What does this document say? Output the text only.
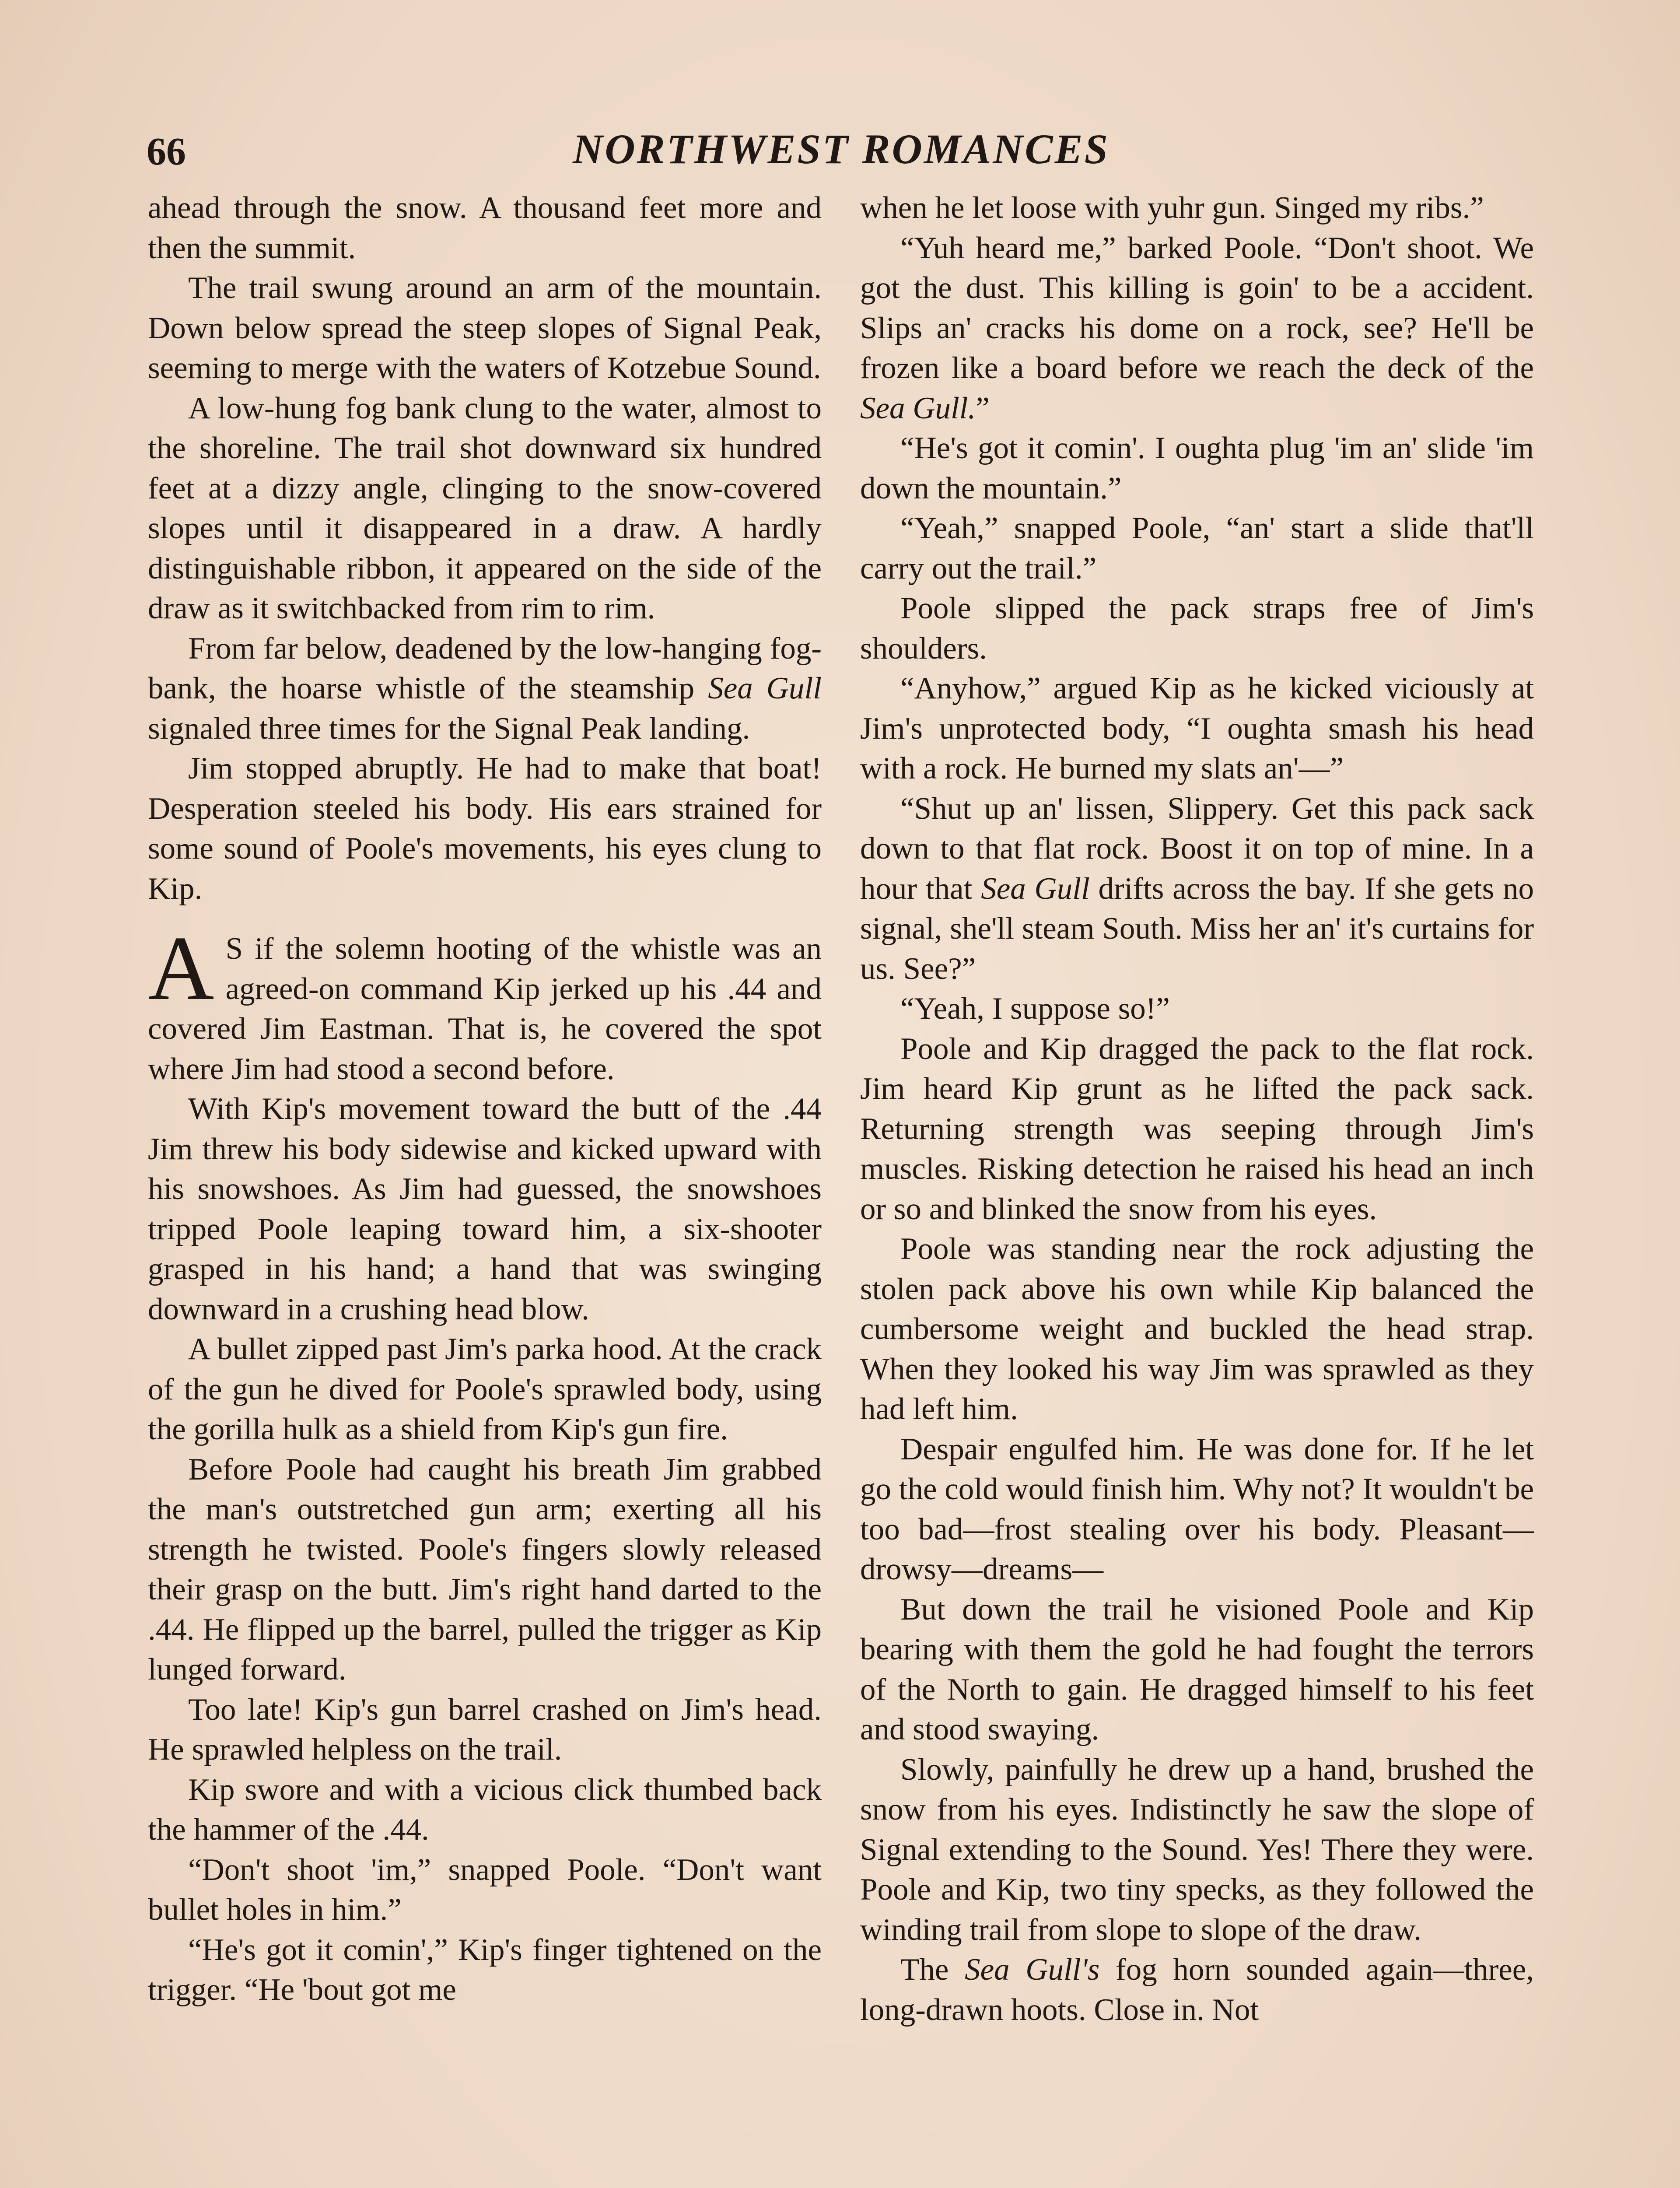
66	NORTHWEST ROMANCES

ahead through the snow. A thousand feet more and then the summit.

The trail swung around an arm of the mountain. Down below spread the steep slopes of Signal Peak, seeming to merge with the waters of Kotzebue Sound.

A low-hung fog bank clung to the water, almost to the shoreline. The trail shot downward six hundred feet at a dizzy angle, clinging to the snow-covered slopes until it disappeared in a draw. A hardly distinguishable ribbon, it appeared on the side of the draw as it switchbacked from rim to rim.

From far below, deadened by the low-hanging fog-bank, the hoarse whistle of the steamship Sea Gull signaled three times for the Signal Peak landing.

Jim stopped abruptly. He had to make that boat! Desperation steeled his body. His ears strained for some sound of Poole's movements, his eyes clung to Kip.

A S if the solemn hooting of the whistle was an agreed-on command Kip jerked up his .44 and covered Jim Eastman. That is, he covered the spot where Jim had stood a second before.

With Kip's movement toward the butt of the .44 Jim threw his body sidewise and kicked upward with his snowshoes. As Jim had guessed, the snowshoes tripped Poole leaping toward him, a six-shooter grasped in his hand; a hand that was swinging downward in a crushing head blow.

A bullet zipped past Jim's parka hood. At the crack of the gun he dived for Poole's sprawled body, using the gorilla hulk as a shield from Kip's gun fire.

Before Poole had caught his breath Jim grabbed the man's outstretched gun arm; exerting all his strength he twisted. Poole's fingers slowly released their grasp on the butt. Jim's right hand darted to the .44. He flipped up the barrel, pulled the trigger as Kip lunged forward.

Too late! Kip's gun barrel crashed on Jim's head. He sprawled helpless on the trail.

Kip swore and with a vicious click thumbed back the hammer of the .44.

“Don't shoot 'im,” snapped Poole. “Don't want bullet holes in him.”

“He's got it comin',” Kip's finger tightened on the trigger. “He 'bout got me

when he let loose with yuhr gun. Singed my ribs.”

“Yuh heard me,” barked Poole. “Don't shoot. We got the dust. This killing is goin' to be a accident. Slips an' cracks his dome on a rock, see? He'll be frozen like a board before we reach the deck of the Sea Gull.”

“He's got it comin'. I oughta plug 'im an' slide 'im down the mountain.”

“Yeah,” snapped Poole, “an' start a slide that'll carry out the trail.”

Poole slipped the pack straps free of Jim's shoulders.

“Anyhow,” argued Kip as he kicked viciously at Jim's unprotected body, “I oughta smash his head with a rock. He burned my slats an'—”

“Shut up an' lissen, Slippery. Get this pack sack down to that flat rock. Boost it on top of mine. In a hour that Sea Gull drifts across the bay. If she gets no signal, she'll steam South. Miss her an' it's curtains for us. See?”

“Yeah, I suppose so!”

Poole and Kip dragged the pack to the flat rock. Jim heard Kip grunt as he lifted the pack sack. Returning strength was seeping through Jim's muscles. Risking detection he raised his head an inch or so and blinked the snow from his eyes.

Poole was standing near the rock adjusting the stolen pack above his own while Kip balanced the cumbersome weight and buckled the head strap. When they looked his way Jim was sprawled as they had left him.

Despair engulfed him. He was done for. If he let go the cold would finish him. Why not? It wouldn't be too bad—frost stealing over his body. Pleasant—drowsy—dreams—

But down the trail he visioned Poole and Kip bearing with them the gold he had fought the terrors of the North to gain. He dragged himself to his feet and stood swaying.

Slowly, painfully he drew up a hand, brushed the snow from his eyes. Indistinctly he saw the slope of Signal extending to the Sound. Yes! There they were. Poole and Kip, two tiny specks, as they followed the winding trail from slope to slope of the draw.

The Sea Gull's fog horn sounded again—three, long-drawn hoots. Close in. Not
